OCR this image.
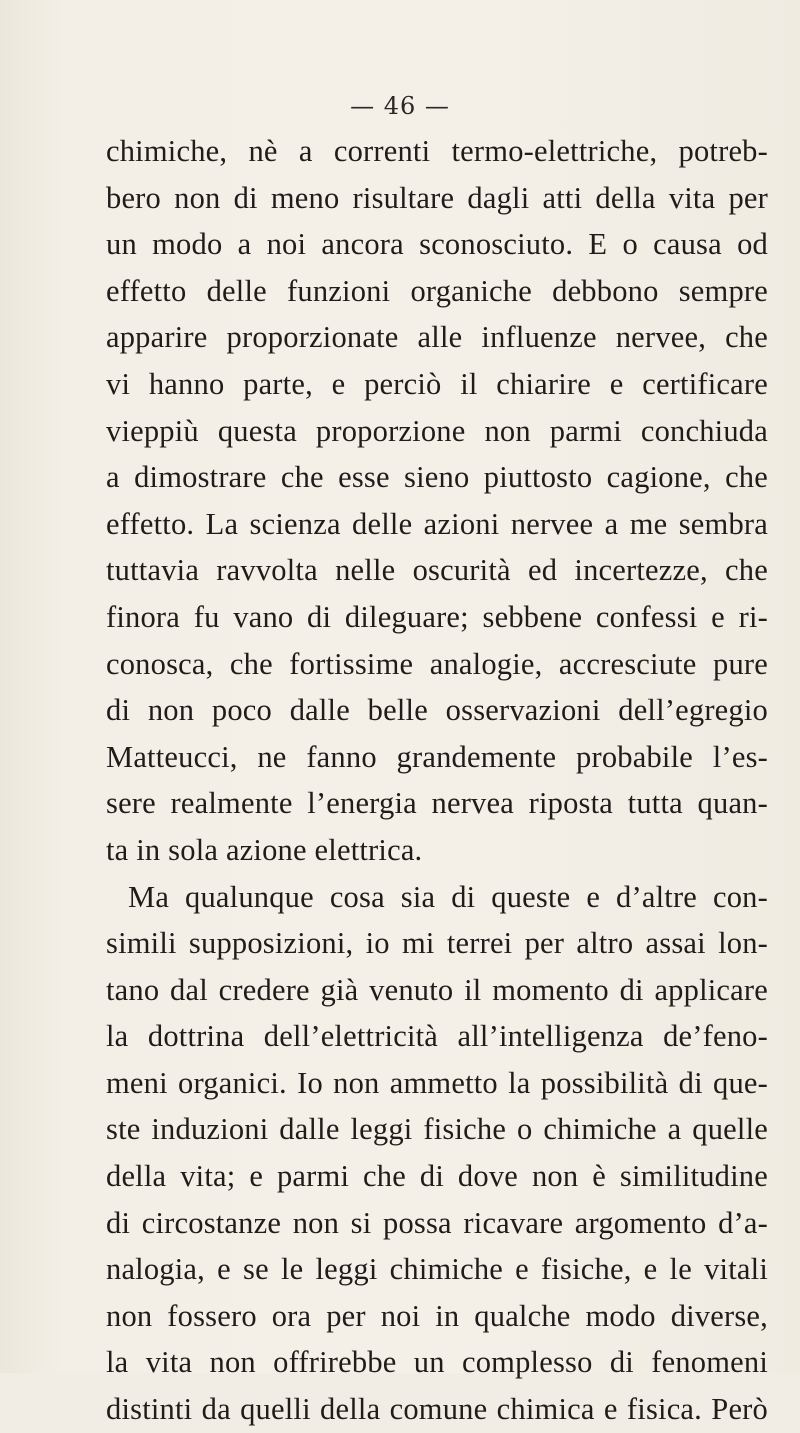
— 46 —
chimiche, nè a correnti termo-elettriche, potreb-
bero non di meno risultare dagli atti della vita per
un modo a noi ancora sconosciuto. E o causa od
effetto delle funzioni organiche debbono sempre
apparire proporzionate alle influenze nervee, che
vi hanno parte, e perciò il chiarire e certificare
vieppiù questa proporzione non parmi conchiuda
a dimostrare che esse sieno piuttosto cagione, che
effetto. La scienza delle azioni nervee a me sembra
tuttavia ravvolta nelle oscurità ed incertezze, che
finora fu vano di dileguare; sebbene confessi e ri-
conosca, che fortissime analogie, accresciute pure
di non poco dalle belle osservazioni dell’egregio
Matteucci, ne fanno grandemente probabile l’es-
sere realmente l’energia nervea riposta tutta quan-
ta in sola azione elettrica.
Ma qualunque cosa sia di queste e d’altre con-
simili supposizioni, io mi terrei per altro assai lon-
tano dal credere già venuto il momento di applicare
la dottrina dell’elettricità all’intelligenza de’feno-
meni organici. Io non ammetto la possibilità di que-
ste induzioni dalle leggi fisiche o chimiche a quelle
della vita; e parmi che di dove non è similitudine
di circostanze non si possa ricavare argomento d’a-
nalogia, e se le leggi chimiche e fisiche, e le vitali
non fossero ora per noi in qualche modo diverse,
la vita non offrirebbe un complesso di fenomeni
distinti da quelli della comune chimica e fisica. Però
